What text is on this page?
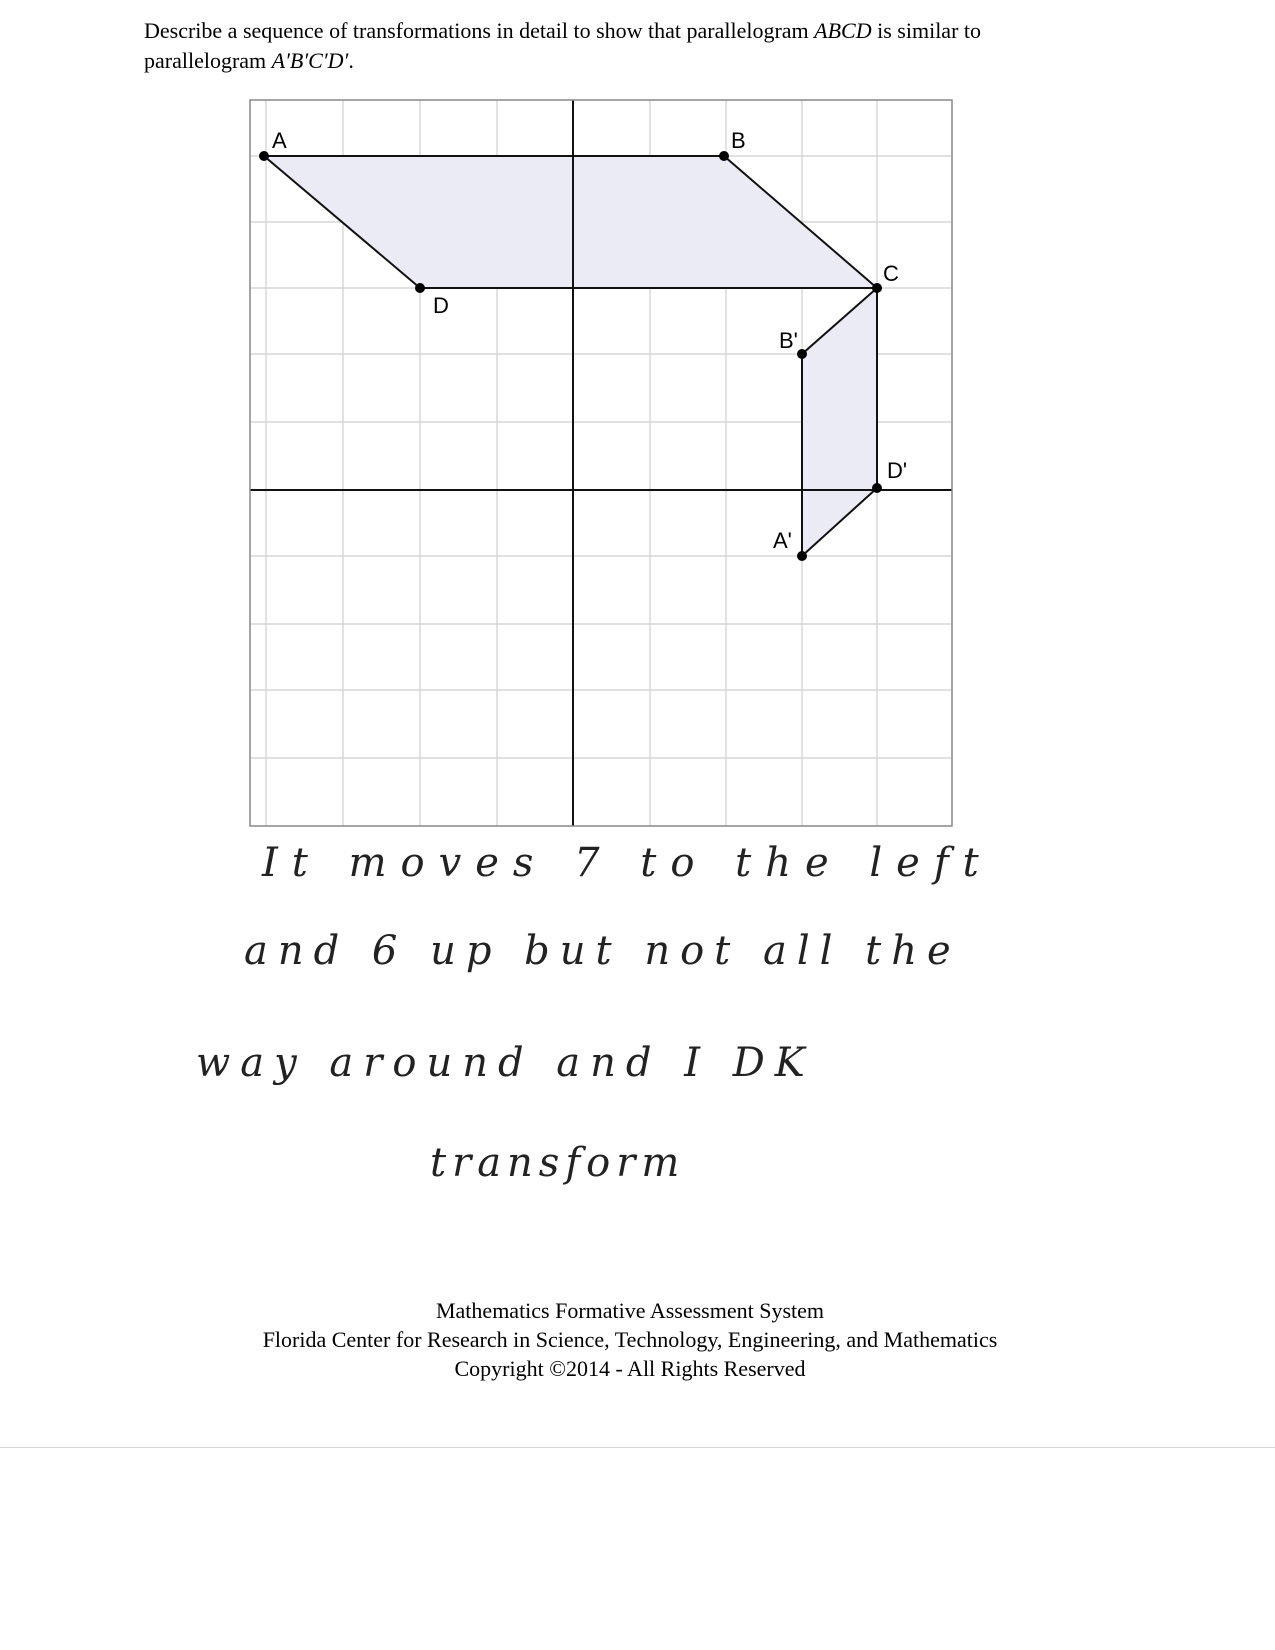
Describe a sequence of transformations in detail to show that parallelogram ABCD is similar to
parallelogram A′B′C′D′.
A	B
C
D
B'
D'
A'
It moves 7 to the left
and 6 up but not all the
way around and I DK
transform
Mathematics Formative Assessment System
Florida Center for Research in Science, Technology, Engineering, and Mathematics
Copyright ©2014 - All Rights Reserved
